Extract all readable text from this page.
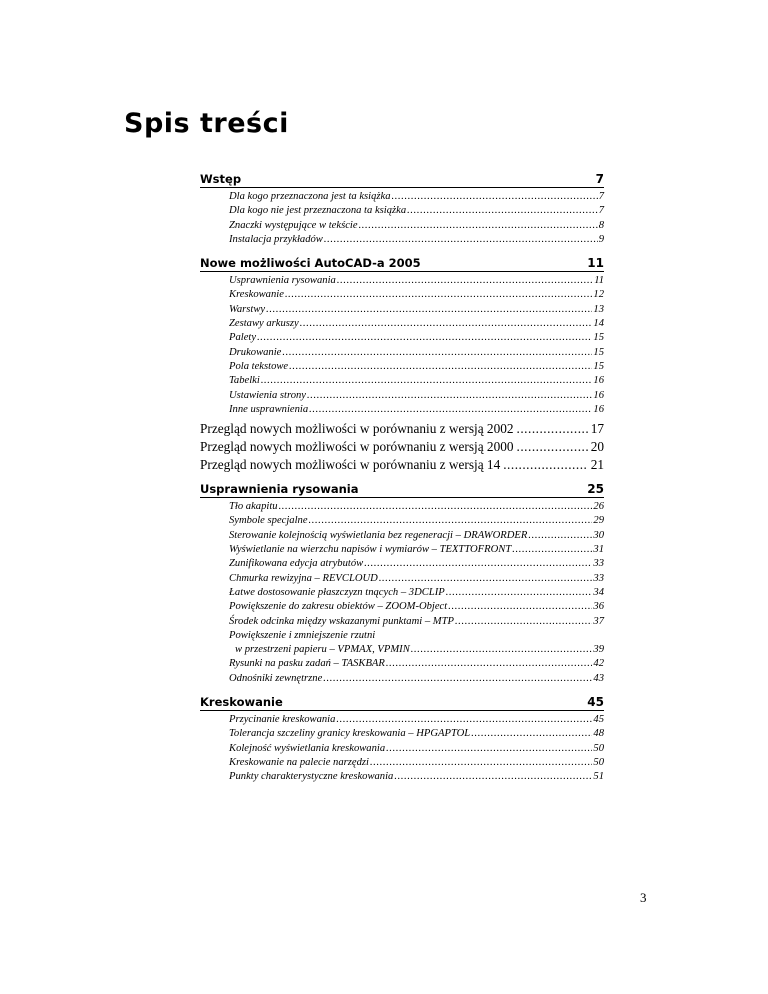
Spis treści
Wstęp	7
Dla kogo przeznaczona jest ta książka .....	7
Dla kogo nie jest przeznaczona ta książka .....	7
Znaczki występujące w tekście .....	8
Instalacja przykładów .....	9
Nowe możliwości AutoCAD-a 2005	11
Usprawnienia rysowania .....	11
Kreskowanie .....	12
Warstwy .....	13
Zestawy arkuszy .....	14
Palety .....	15
Drukowanie .....	15
Pola tekstowe .....	15
Tabelki .....	16
Ustawienia strony .....	16
Inne usprawnienia .....	16
Przegląd nowych możliwości w porównaniu z wersją 2002 .....	17
Przegląd nowych możliwości w porównaniu z wersją 2000 .....	20
Przegląd nowych możliwości w porównaniu z wersją 14 .....	21
Usprawnienia rysowania	25
Tło akapitu .....	26
Symbole specjalne .....	29
Sterowanie kolejnością wyświetlania bez regeneracji – DRAWORDER .....	30
Wyświetlanie na wierzchu napisów i wymiarów – TEXTTOFRONT .....	31
Zunifikowana edycja atrybutów .....	33
Chmurka rewizyjna – REVCLOUD .....	33
Łatwe dostosowanie płaszczyzn tnących – 3DCLIP .....	34
Powiększenie do zakresu obiektów – ZOOM-Object .....	36
Środek odcinka między wskazanymi punktami – MTP .....	37
Powiększenie i zmniejszenie rzutni
w przestrzeni papieru – VPMAX, VPMIN .....	39
Rysunki na pasku zadań – TASKBAR .....	42
Odnośniki zewnętrzne .....	43
Kreskowanie	45
Przycinanie kreskowania .....	45
Tolerancja szczeliny granicy kreskowania – HPGAPTOL .....	48
Kolejność wyświetlania kreskowania .....	50
Kreskowanie na palecie narzędzi .....	50
Punkty charakterystyczne kreskowania .....	51
3
